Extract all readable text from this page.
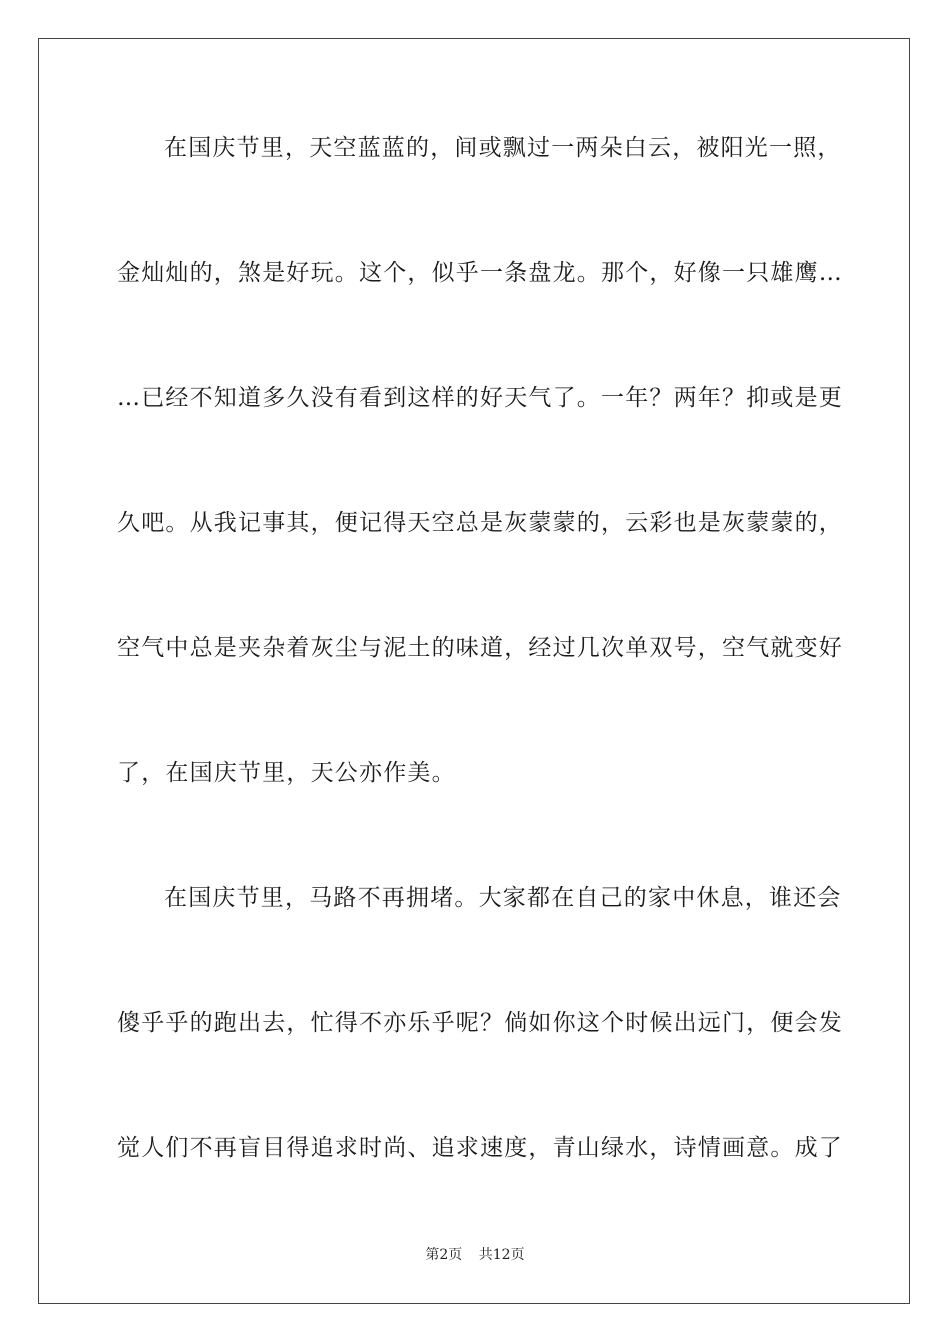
在国庆节里，天空蓝蓝的，间或飘过一两朵白云，被阳光一照，
金灿灿的，煞是好玩。这个，似乎一条盘龙。那个，好像一只雄鹰…
…已经不知道多久没有看到这样的好天气了。一年？两年？抑或是更
久吧。从我记事其，便记得天空总是灰蒙蒙的，云彩也是灰蒙蒙的，
空气中总是夹杂着灰尘与泥土的味道，经过几次单双号，空气就变好
了，在国庆节里，天公亦作美。
在国庆节里，马路不再拥堵。大家都在自己的家中休息，谁还会
傻乎乎的跑出去，忙得不亦乐乎呢？倘如你这个时候出远门，便会发
觉人们不再盲目得追求时尚、追求速度，青山绿水，诗情画意。成了
第2页 共12页
